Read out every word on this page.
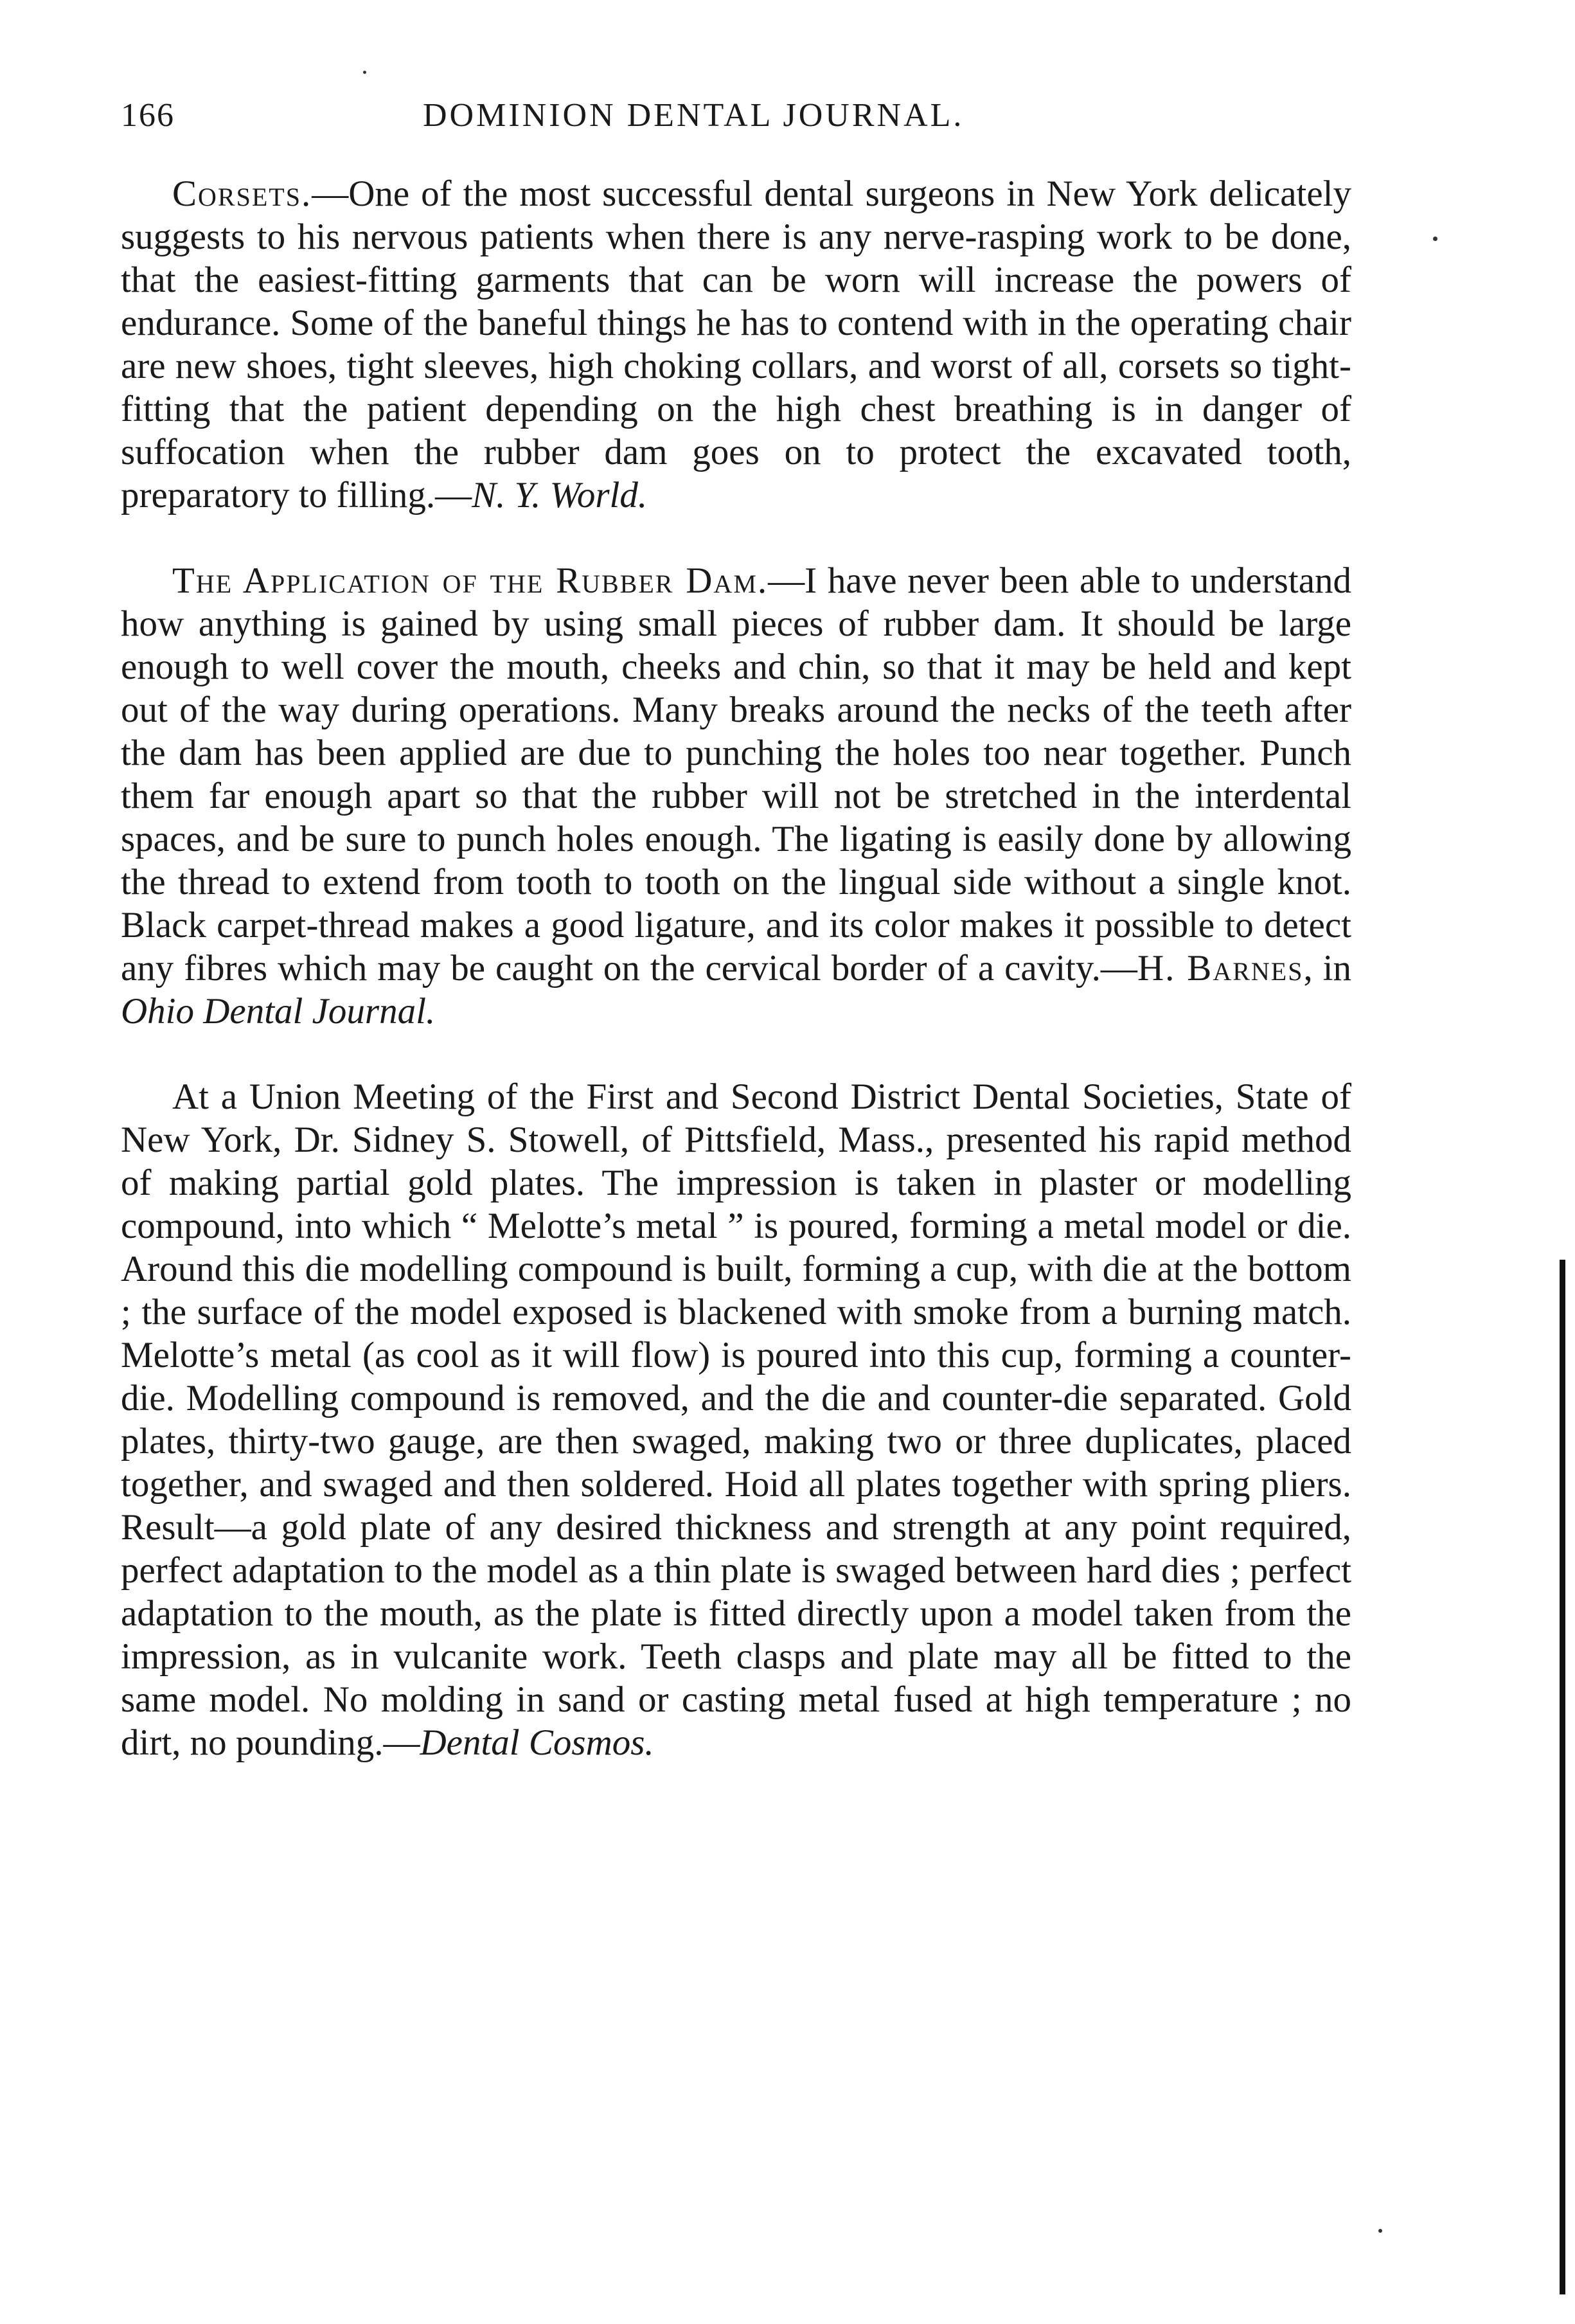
166	DOMINION DENTAL JOURNAL.

Corsets.—One of the most successful dental surgeons in New York delicately suggests to his nervous patients when there is any nerve-rasping work to be done, that the easiest-fitting garments that can be worn will increase the powers of endurance. Some of the baneful things he has to contend with in the operating chair are new shoes, tight sleeves, high choking collars, and worst of all, corsets so tight-fitting that the patient depending on the high chest breathing is in danger of suffocation when the rubber dam goes on to protect the excavated tooth, preparatory to filling.—N. Y. World.

The Application of the Rubber Dam.—I have never been able to understand how anything is gained by using small pieces of rubber dam. It should be large enough to well cover the mouth, cheeks and chin, so that it may be held and kept out of the way during operations. Many breaks around the necks of the teeth after the dam has been applied are due to punching the holes too near together. Punch them far enough apart so that the rubber will not be stretched in the interdental spaces, and be sure to punch holes enough. The ligating is easily done by allowing the thread to extend from tooth to tooth on the lingual side without a single knot. Black carpet-thread makes a good ligature, and its color makes it possible to detect any fibres which may be caught on the cervical border of a cavity.—H. Barnes, in Ohio Dental Journal.

At a Union Meeting of the First and Second District Dental Societies, State of New York, Dr. Sidney S. Stowell, of Pittsfield, Mass., presented his rapid method of making partial gold plates. The impression is taken in plaster or modelling compound, into which “ Melotte’s metal ” is poured, forming a metal model or die. Around this die modelling compound is built, forming a cup, with die at the bottom ; the surface of the model exposed is blackened with smoke from a burning match. Melotte’s metal (as cool as it will flow) is poured into this cup, forming a counter-die. Modelling compound is removed, and the die and counter-die separated. Gold plates, thirty-two gauge, are then swaged, making two or three duplicates, placed together, and swaged and then soldered. Hoid all plates together with spring pliers. Result—a gold plate of any desired thickness and strength at any point required, perfect adaptation to the model as a thin plate is swaged between hard dies ; perfect adaptation to the mouth, as the plate is fitted directly upon a model taken from the impression, as in vulcanite work. Teeth clasps and plate may all be fitted to the same model. No molding in sand or casting metal fused at high temperature ; no dirt, no pounding.—Dental Cosmos.
